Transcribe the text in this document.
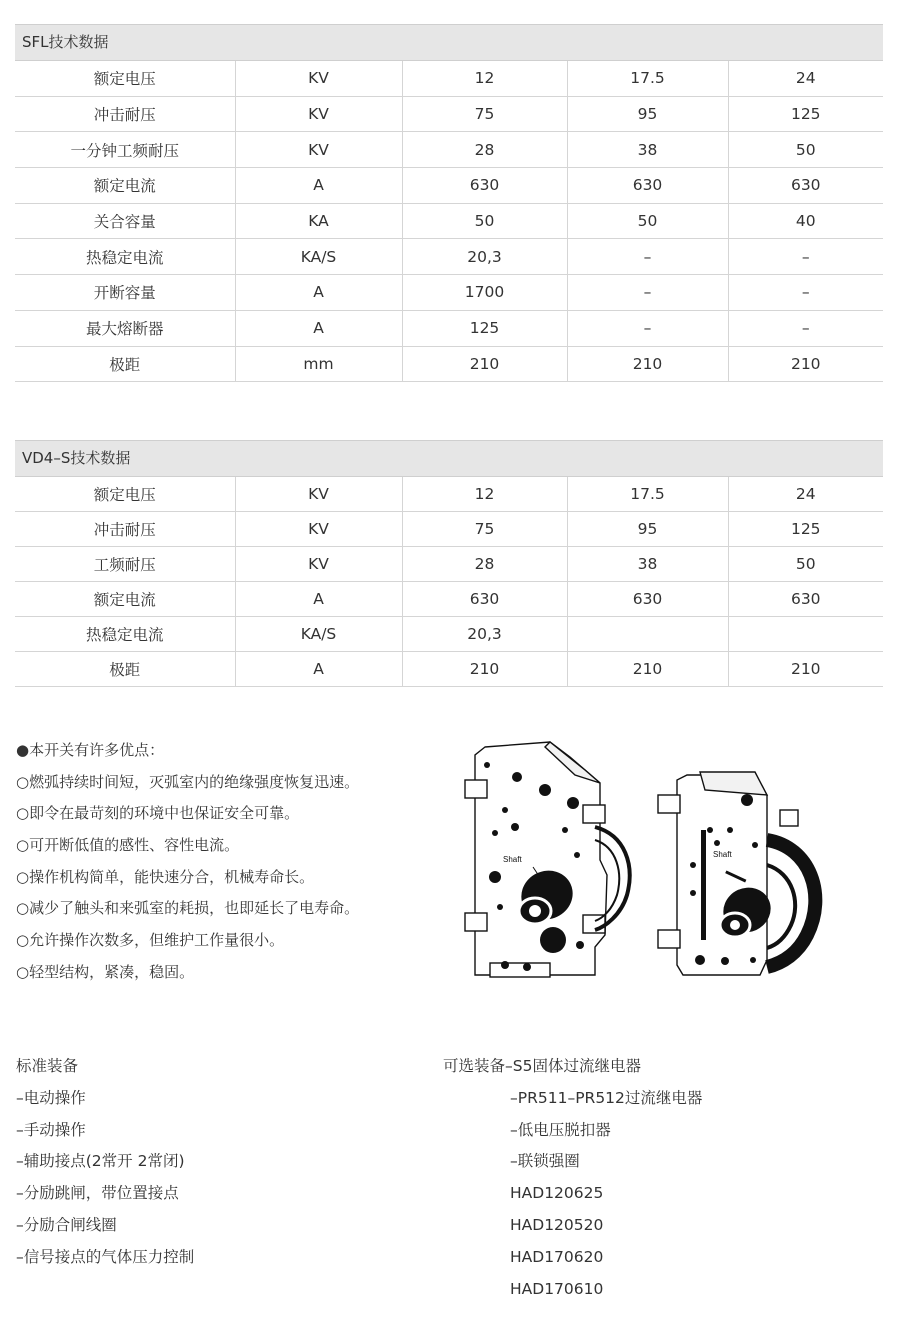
SFL技术数据
额定电压	KV	12	17.5	24
冲击耐压	KV	75	95	125
一分钟工频耐压	KV	28	38	50
额定电流	A	630	630	630
关合容量	KA	50	50	40
热稳定电流	KA/S	20,3	–	–
开断容量	A	1700	–	–
最大熔断器	A	125	–	–
极距	mm	210	210	210
VD4–S技术数据
额定电压	KV	12	17.5	24
冲击耐压	KV	75	95	125
工频耐压	KV	28	38	50
额定电流	A	630	630	630
热稳定电流	KA/S	20,3		
极距	A	210	210	210
●本开关有许多优点：
○燃弧持续时间短，灭弧室内的绝缘强度恢复迅速。
○即令在最苛刻的环境中也保证安全可靠。
○可开断低值的感性、容性电流。
○操作机构简单，能快速分合，机械寿命长。
○减少了触头和来弧室的耗损，也即延长了电寿命。
○允许操作次数多，但维护工作量很小。
○轻型结构，紧凑，稳固。
Shaft
Shaft
标准装备
–电动操作
–手动操作
–辅助接点(2常开 2常闭)
–分励跳闸，带位置接点
–分励合闸线圈
–信号接点的气体压力控制
可选装备–S5固体过流继电器
–PR511–PR512过流继电器
–低电压脱扣器
–联锁强圈
HAD120625
HAD120520
HAD170620
HAD170610
